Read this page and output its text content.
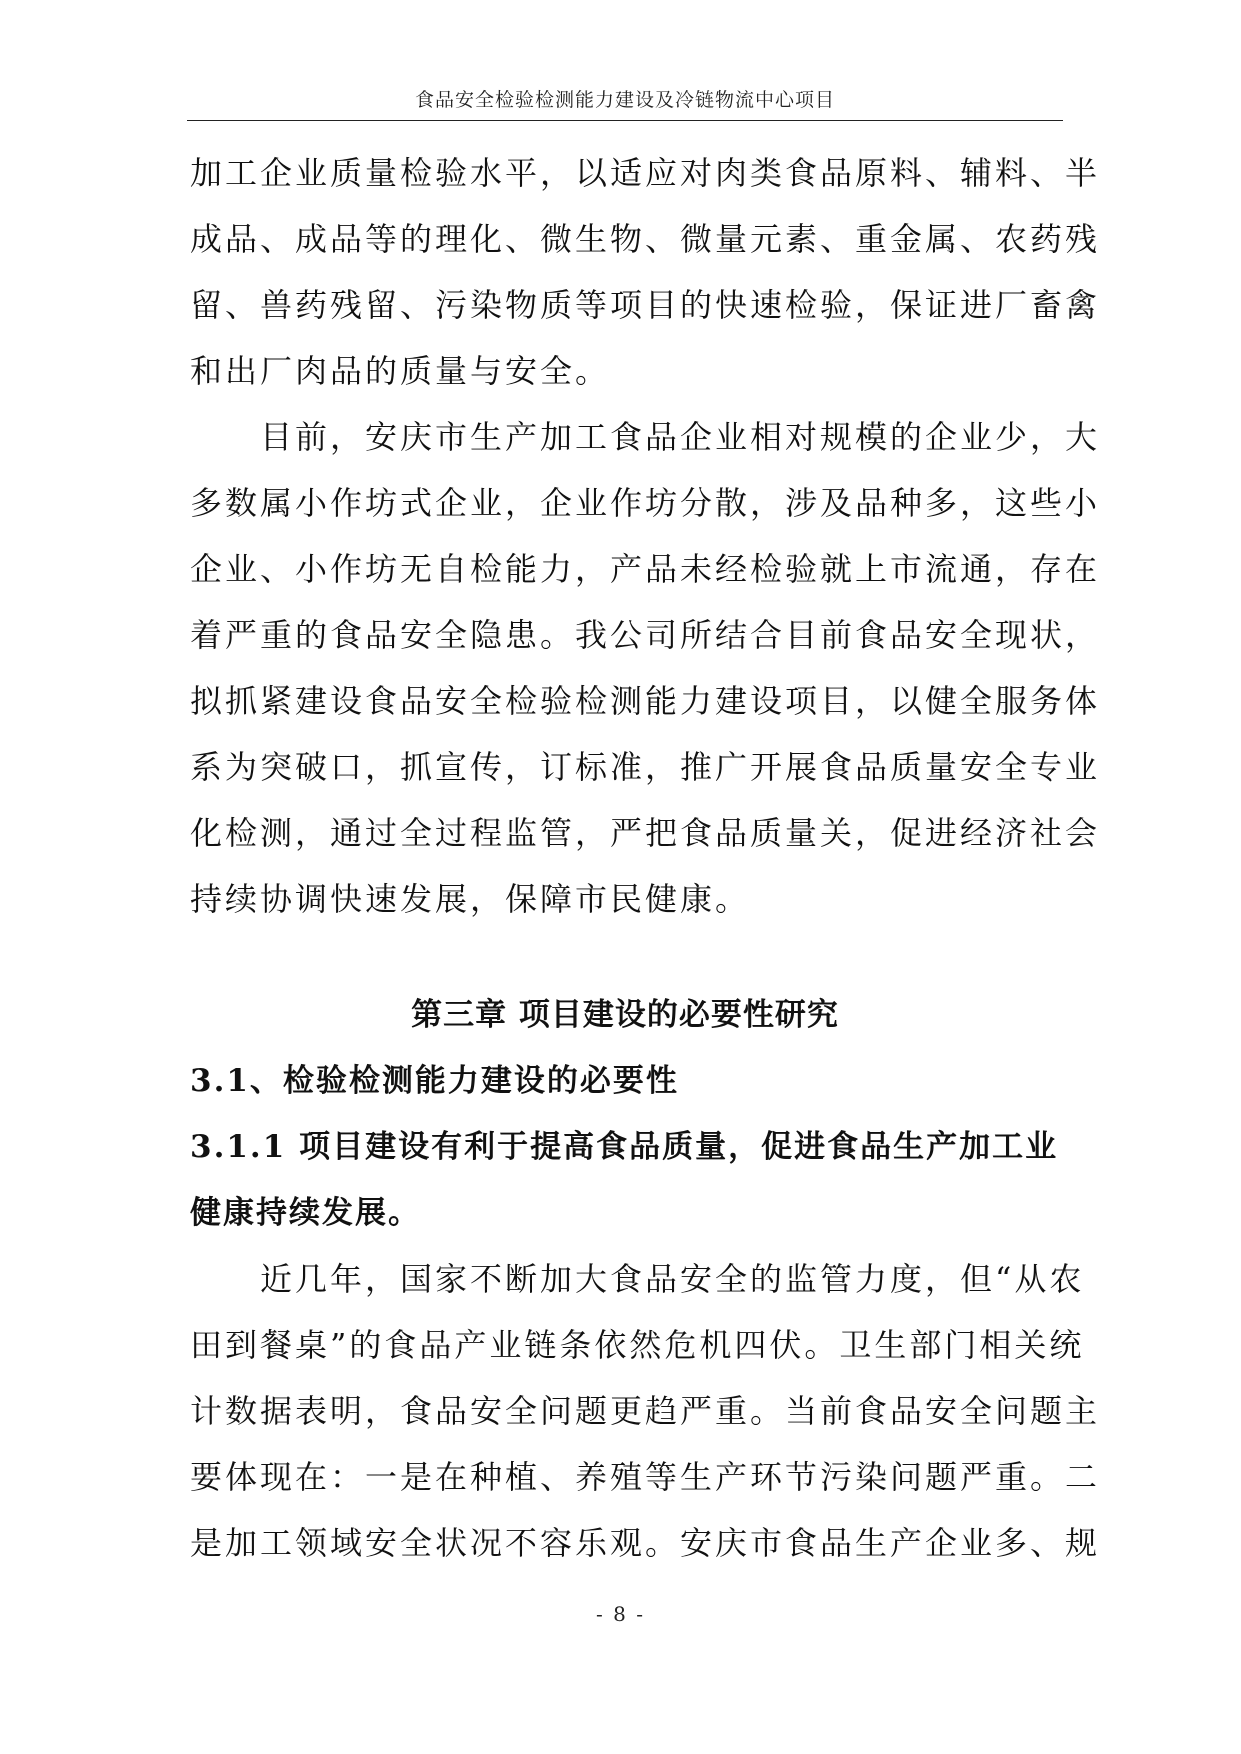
食品安全检验检测能力建设及冷链物流中心项目
加工企业质量检验水平，以适应对肉类食品原料、辅料、半
成品、成品等的理化、微生物、微量元素、重金属、农药残
留、兽药残留、污染物质等项目的快速检验，保证进厂畜禽
和出厂肉品的质量与安全。
目前，安庆市生产加工食品企业相对规模的企业少，大
多数属小作坊式企业，企业作坊分散，涉及品种多，这些小
企业、小作坊无自检能力，产品未经检验就上市流通，存在
着严重的食品安全隐患。我公司所结合目前食品安全现状，
拟抓紧建设食品安全检验检测能力建设项目，以健全服务体
系为突破口，抓宣传，订标准，推广开展食品质量安全专业
化检测，通过全过程监管，严把食品质量关，促进经济社会
持续协调快速发展，保障市民健康。
第三章 项目建设的必要性研究
3.1、检验检测能力建设的必要性
3.1.1 项目建设有利于提高食品质量，促进食品生产加工业
健康持续发展。
近几年，国家不断加大食品安全的监管力度，但“从农
田到餐桌”的食品产业链条依然危机四伏。卫生部门相关统
计数据表明，食品安全问题更趋严重。当前食品安全问题主
要体现在：一是在种植、养殖等生产环节污染问题严重。二
是加工领域安全状况不容乐观。安庆市食品生产企业多、规
- 8 -
